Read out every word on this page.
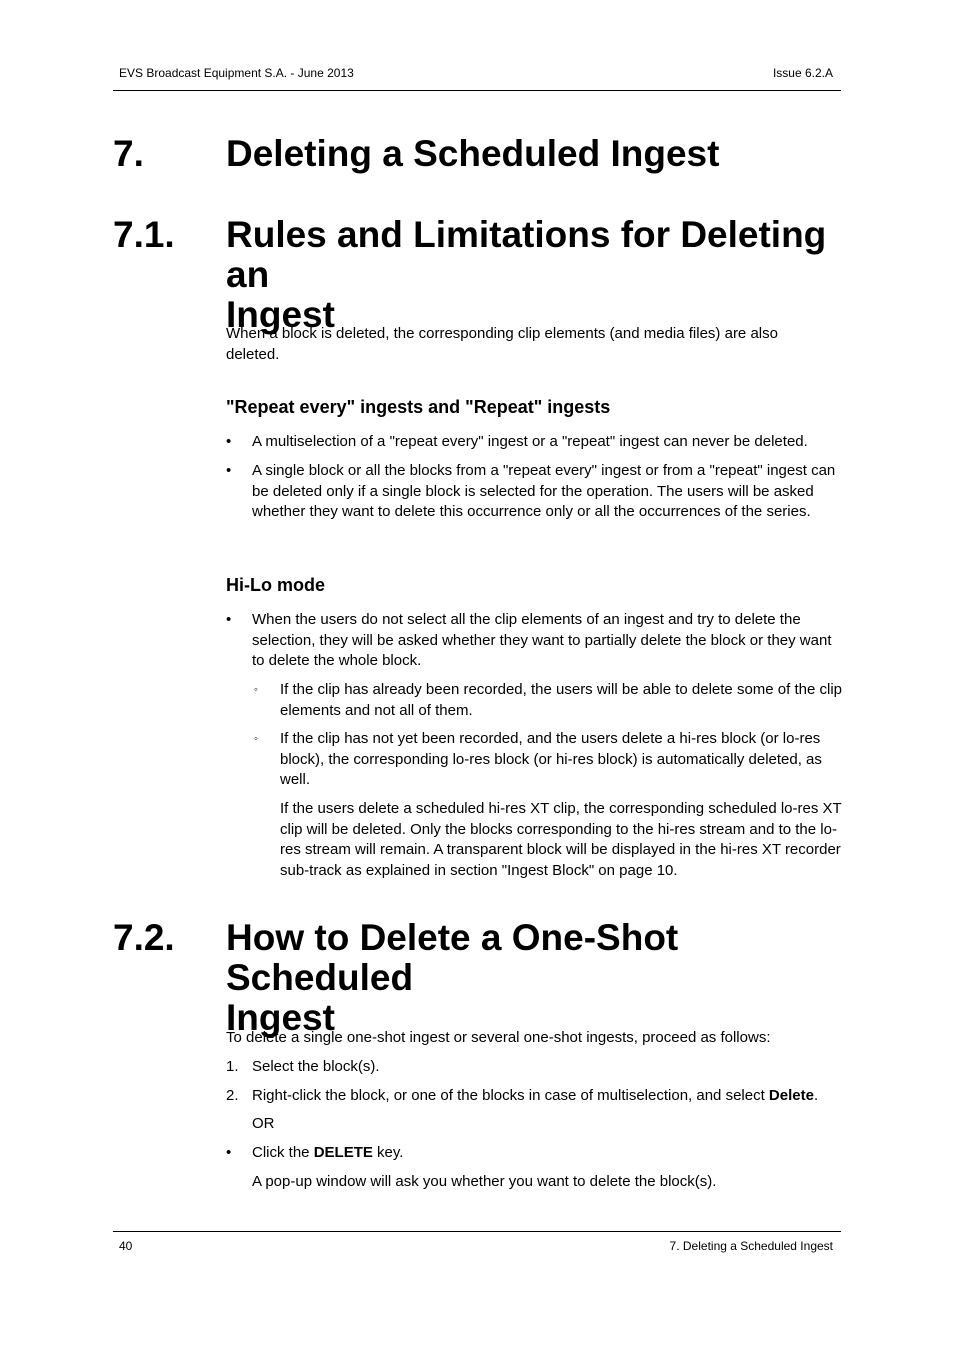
EVS Broadcast Equipment S.A. - June 2013	Issue 6.2.A
7. Deleting a Scheduled Ingest
7.1. Rules and Limitations for Deleting an
Ingest
When a block is deleted, the corresponding clip elements (and media files) are also deleted.
"Repeat every" ingests and "Repeat" ingests
• A multiselection of a "repeat every" ingest or a "repeat" ingest can never be deleted.
• A single block or all the blocks from a "repeat every" ingest or from a "repeat" ingest can be deleted only if a single block is selected for the operation. The users will be asked whether they want to delete this occurrence only or all the occurrences of the series.
Hi-Lo mode
• When the users do not select all the clip elements of an ingest and try to delete the selection, they will be asked whether they want to partially delete the block or they want to delete the whole block.
◦ If the clip has already been recorded, the users will be able to delete some of the clip elements and not all of them.
◦ If the clip has not yet been recorded, and the users delete a hi-res block (or lo-res block), the corresponding lo-res block (or hi-res block) is automatically deleted, as well.
If the users delete a scheduled hi-res XT clip, the corresponding scheduled lo-res XT clip will be deleted. Only the blocks corresponding to the hi-res stream and to the lo-res stream will remain. A transparent block will be displayed in the hi-res XT recorder sub-track as explained in section "Ingest Block" on page 10.
7.2. How to Delete a One-Shot Scheduled
Ingest
To delete a single one-shot ingest or several one-shot ingests, proceed as follows:
1. Select the block(s).
2. Right-click the block, or one of the blocks in case of multiselection, and select Delete.
OR
• Click the DELETE key.
A pop-up window will ask you whether you want to delete the block(s).
40	7. Deleting a Scheduled Ingest
